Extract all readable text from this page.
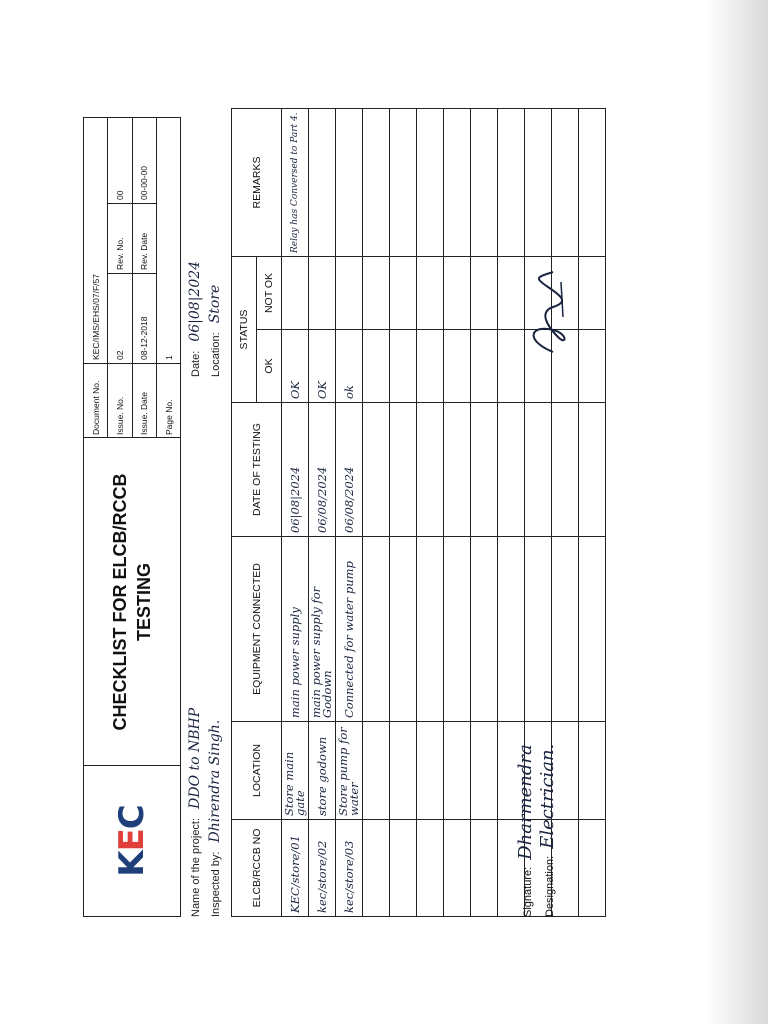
KEC
CHECKLIST FOR ELCB/RCCB TESTING
Document No.
KEC/IMS/EHS/07/F/57
Issue. No.
02
Rev. No.
00
Issue. Date
08-12-2018
Rev. Date
00-00-00
Page No.
1
Name of the project: DDO to NBHP
Inspected by: Dhirendra Singh.
Date: 06|08|2024
Location: Store
ELCB/RCCB NO	LOCATION	EQUIPMENT CONNECTED	DATE OF TESTING	STATUS		REMARKS
				OK	NOT OK	
KEC/store/01	Store main gate	main power supply	06|08|2024	OK		Relay has Conversed to Part 4.
kec/store/02	store godown	main power supply for Godown	06/08/2024	OK		
kec/store/03	Store pump for water	Connected for water pump	06/08/2024	ok		

Signature: Dharmendra
Designation: Electrician.
